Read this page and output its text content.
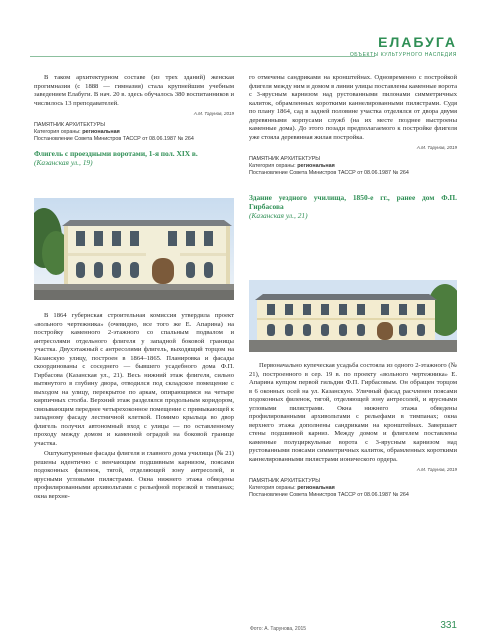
ЕЛАБУГА
ОБЪЕКТЫ КУЛЬТУРНОГО НАСЛЕДИЯ

В таком архитектурном составе (из трех зданий) женская прогимназия (с 1888 — гимназия) стала крупнейшим учебным заведением Елабуги. В нач. 20 в. здесь обучалось 380 воспитанников и числилось 13 преподавателей.

А.М. Тарунов, 2019
ПАМЯТНИК АРХИТЕКТУРЫ
Категория охраны: региональная
Постановление Совета Министров ТАССР от 08.06.1987 № 264
Флигель с проездными воротами, 1-я пол. XIX в.
(Казанская ул., 19)

го отмечены сандриками на кронштейнах. Одновременно с постройкой флигеля между ним и домом в линии улицы поставлены каменные ворота с 3-ярусным карнизом над рустованными пилонами симметричных калиток, обрамленных короткими каннелированными пилястрами. Судя по плану 1864, сад в задней половине участка отделялся от двора двумя деревянными корпусами служб (на их месте позднее выстроены каменные дома). До этого позади предполагаемого к постройке флигеля уже стояла деревянная жилая постройка.

А.М. Тарунов, 2019
ПАМЯТНИК АРХИТЕКТУРЫ
Категория охраны: региональная
Постановление Совета Министров ТАССР от 08.06.1987 № 264
Здание уездного училища, 1850-е гг., ранее дом Ф.П. Гирбасова
(Казанская ул., 21)

В 1864 губернская строительная комиссия утвердила проект «вольного чертежника» (очевидно, все того же Е. Апарина) на постройку каменного 2-этажного со спальным подвалом и антресолями отдельного флигеля у западной боковой границы участка. Двухэтажный с антресолями флигель, выходящий торцом на Казанскую улицу, построен в 1864–1865. Планировка и фасады скоординованы с соседнего — бывшего усадебного дома Ф.П. Гирбасова (Казанская ул., 21). Весь нижний этаж флигеля, сильно вытянутого в глубину двора, отводился под складское помещение с выходом на улицу, перекрытое по аркам, опирающимся на четыре кирпичных столба. Верхний этаж разделялся продольным коридором, связывающим переднее четырехоконное помещение с примыкающей к западному фасаду лестничной клеткой. Помимо крыльца во двор флигель получил автономный вход с улицы — по оставленному проходу между домом и каменной оградой на боковой границе участка.

Оштукатуренные фасады флигеля и главного дома училища (№ 21) решены идентично с венчающим подшивным карнизом, поясами подоконных филенок, тягой, отделяющей зону антресолей, и ярусными угловыми пилястрами. Окна нижнего этажа обведены профилированными архивольтами с рельефной порезкой в тимпанах; окна верхне-

Первоначально купеческая усадьба состояла из одного 2-этажного (№ 21), построенного в сер. 19 в. по проекту «вольного чертежника» Е. Апарина купцом первой гильдии Ф.П. Гирбасовым. Он обращен торцом в 6 оконных осей на ул. Казанскую. Уличный фасад расчленен поясами подоконных филенок, тягой, отделяющей зону антресолей, и ярусными угловыми пилястрами. Окна нижнего этажа обведены профилированными архивольтами с рельефами в тимпанах; окна верхнего этажа дополнены сандриками на кронштейнах. Завершает стены подшивной карниз. Между домом и флигелем поставлены каменные полуциркульные ворота с 3-ярусным карнизом над рустованными поясами симметричных калиток, обрамленных короткими каннелированными пилястрами ионического ордера.

А.М. Тарунов, 2019
ПАМЯТНИК АРХИТЕКТУРЫ
Категория охраны: региональная
Постановление Совета Министров ТАССР от 08.06.1987 № 264
Фото: А. Тарунова, 2015	331
